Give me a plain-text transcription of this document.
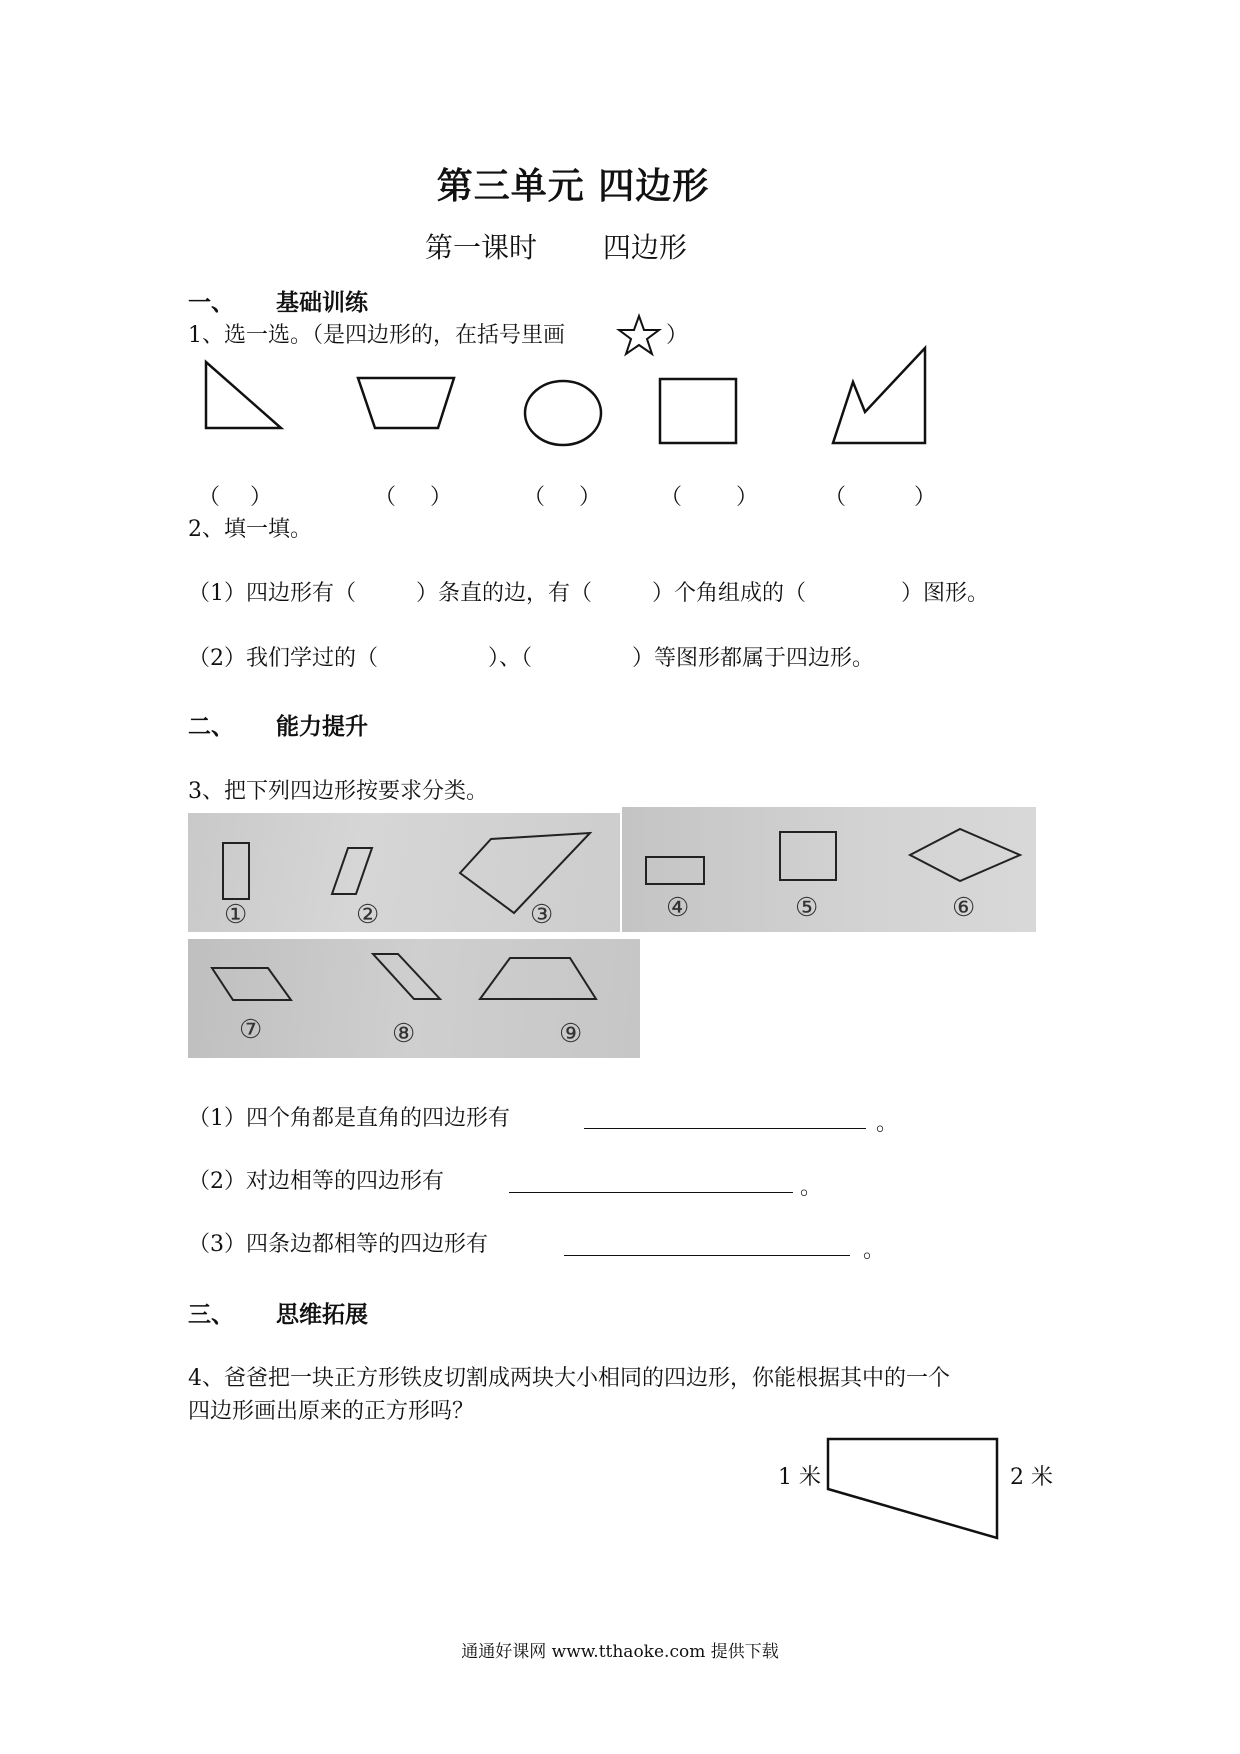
第三单元 四边形
第一课时 四边形
一、 基础训练
1、选一选。（是四边形的，在括号里画	）
（ ）	（ ）	（ ）	（ ）	（	）
2、填一填。
（1）四边形有（	）条直的边，有（	）个角组成的（	）图形。
（2）我们学过的（	）、（	）等图形都属于四边形。
二、 能力提升
3、把下列四边形按要求分类。
①	②	③	④	⑤	⑥
⑦	⑧	⑨
（1）四个角都是直角的四边形有	。
（2）对边相等的四边形有	。
（3）四条边都相等的四边形有	。
三、 思维拓展
4、爸爸把一块正方形铁皮切割成两块大小相同的四边形，你能根据其中的一个
四边形画出原来的正方形吗？
1 米	2 米
通通好课网 www.tthaoke.com 提供下载
